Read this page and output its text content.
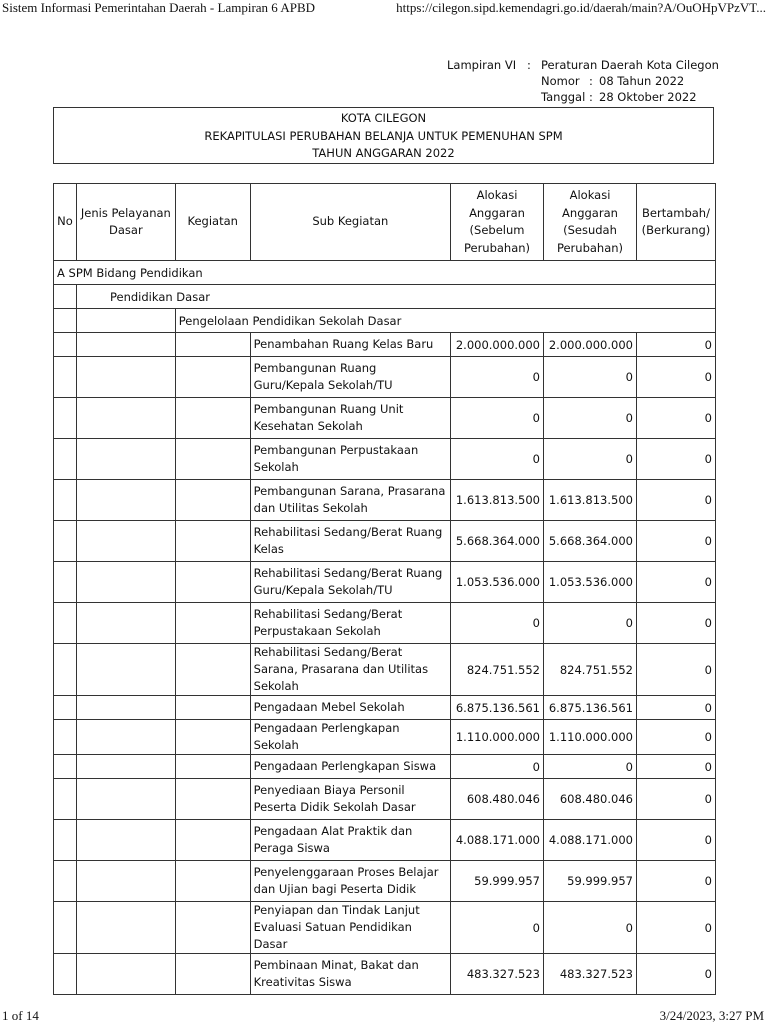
Sistem Informasi Pemerintahan Daerah - Lampiran 6 APBD	https://cilegon.sipd.kemendagri.go.id/daerah/main?A/OuOHpVPzVT...
Lampiran VI : Peraturan Daerah Kota Cilegon
Nomor : 08 Tahun 2022
Tanggal : 28 Oktober 2022
KOTA CILEGON
REKAPITULASI PERUBAHAN BELANJA UNTUK PEMENUHAN SPM
TAHUN ANGGARAN 2022
No	Jenis Pelayanan Dasar	Kegiatan	Sub Kegiatan	Alokasi Anggaran (Sebelum Perubahan)	Alokasi Anggaran (Sesudah Perubahan)	Bertambah/ (Berkurang)
A SPM Bidang Pendidikan						
	Pendidikan Dasar					
		Pengelolaan Pendidikan Sekolah Dasar				
			Penambahan Ruang Kelas Baru	2.000.000.000	2.000.000.000	0
			Pembangunan Ruang Guru/Kepala Sekolah/TU	0	0	0
			Pembangunan Ruang Unit Kesehatan Sekolah	0	0	0
			Pembangunan Perpustakaan Sekolah	0	0	0
			Pembangunan Sarana, Prasarana dan Utilitas Sekolah	1.613.813.500	1.613.813.500	0
			Rehabilitasi Sedang/Berat Ruang Kelas	5.668.364.000	5.668.364.000	0
			Rehabilitasi Sedang/Berat Ruang Guru/Kepala Sekolah/TU	1.053.536.000	1.053.536.000	0
			Rehabilitasi Sedang/Berat Perpustakaan Sekolah	0	0	0
			Rehabilitasi Sedang/Berat Sarana, Prasarana dan Utilitas Sekolah	824.751.552	824.751.552	0
			Pengadaan Mebel Sekolah	6.875.136.561	6.875.136.561	0
			Pengadaan Perlengkapan Sekolah	1.110.000.000	1.110.000.000	0
			Pengadaan Perlengkapan Siswa	0	0	0
			Penyediaan Biaya Personil Peserta Didik Sekolah Dasar	608.480.046	608.480.046	0
			Pengadaan Alat Praktik dan Peraga Siswa	4.088.171.000	4.088.171.000	0
			Penyelenggaraan Proses Belajar dan Ujian bagi Peserta Didik	59.999.957	59.999.957	0
			Penyiapan dan Tindak Lanjut Evaluasi Satuan Pendidikan Dasar	0	0	0
			Pembinaan Minat, Bakat dan Kreativitas Siswa	483.327.523	483.327.523	0
1 of 14	3/24/2023, 3:27 PM
